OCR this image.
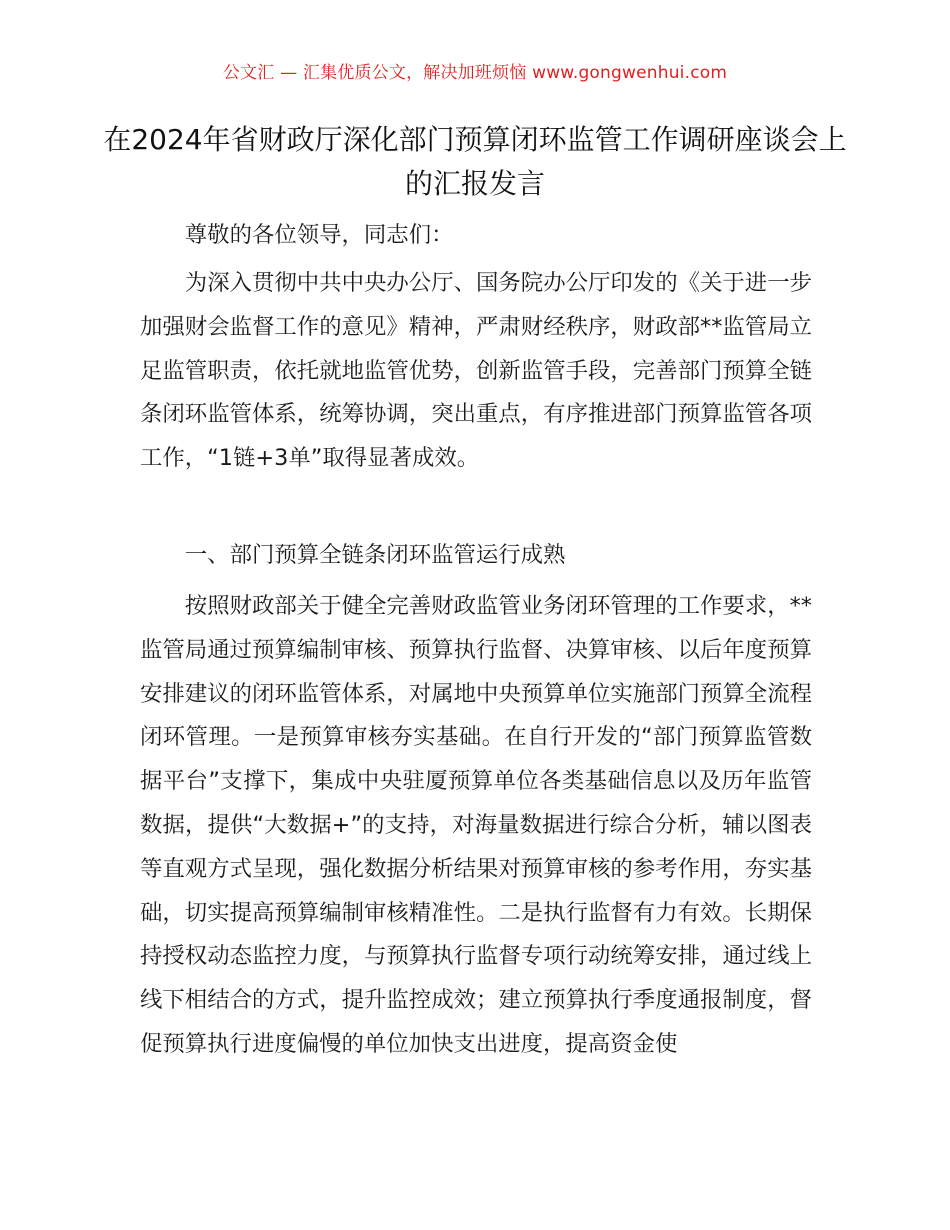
公文汇 — 汇集优质公文，解决加班烦恼 www.gongwenhui.com
在2024年省财政厅深化部门预算闭环监管工作调研座谈会上的汇报发言
尊敬的各位领导，同志们：
为深入贯彻中共中央办公厅、国务院办公厅印发的《关于进一步加强财会监督工作的意见》精神，严肃财经秩序，财政部**监管局立足监管职责，依托就地监管优势，创新监管手段，完善部门预算全链条闭环监管体系，统筹协调，突出重点，有序推进部门预算监管各项工作，“1链+3单”取得显著成效。
一、部门预算全链条闭环监管运行成熟
按照财政部关于健全完善财政监管业务闭环管理的工作要求，**监管局通过预算编制审核、预算执行监督、决算审核、以后年度预算安排建议的闭环监管体系，对属地中央预算单位实施部门预算全流程闭环管理。一是预算审核夯实基础。在自行开发的“部门预算监管数据平台”支撑下，集成中央驻厦预算单位各类基础信息以及历年监管数据，提供“大数据+”的支持，对海量数据进行综合分析，辅以图表等直观方式呈现，强化数据分析结果对预算审核的参考作用，夯实基础，切实提高预算编制审核精准性。二是执行监督有力有效。长期保持授权动态监控力度，与预算执行监督专项行动统筹安排，通过线上线下相结合的方式，提升监控成效；建立预算执行季度通报制度，督促预算执行进度偏慢的单位加快支出进度，提高资金使
